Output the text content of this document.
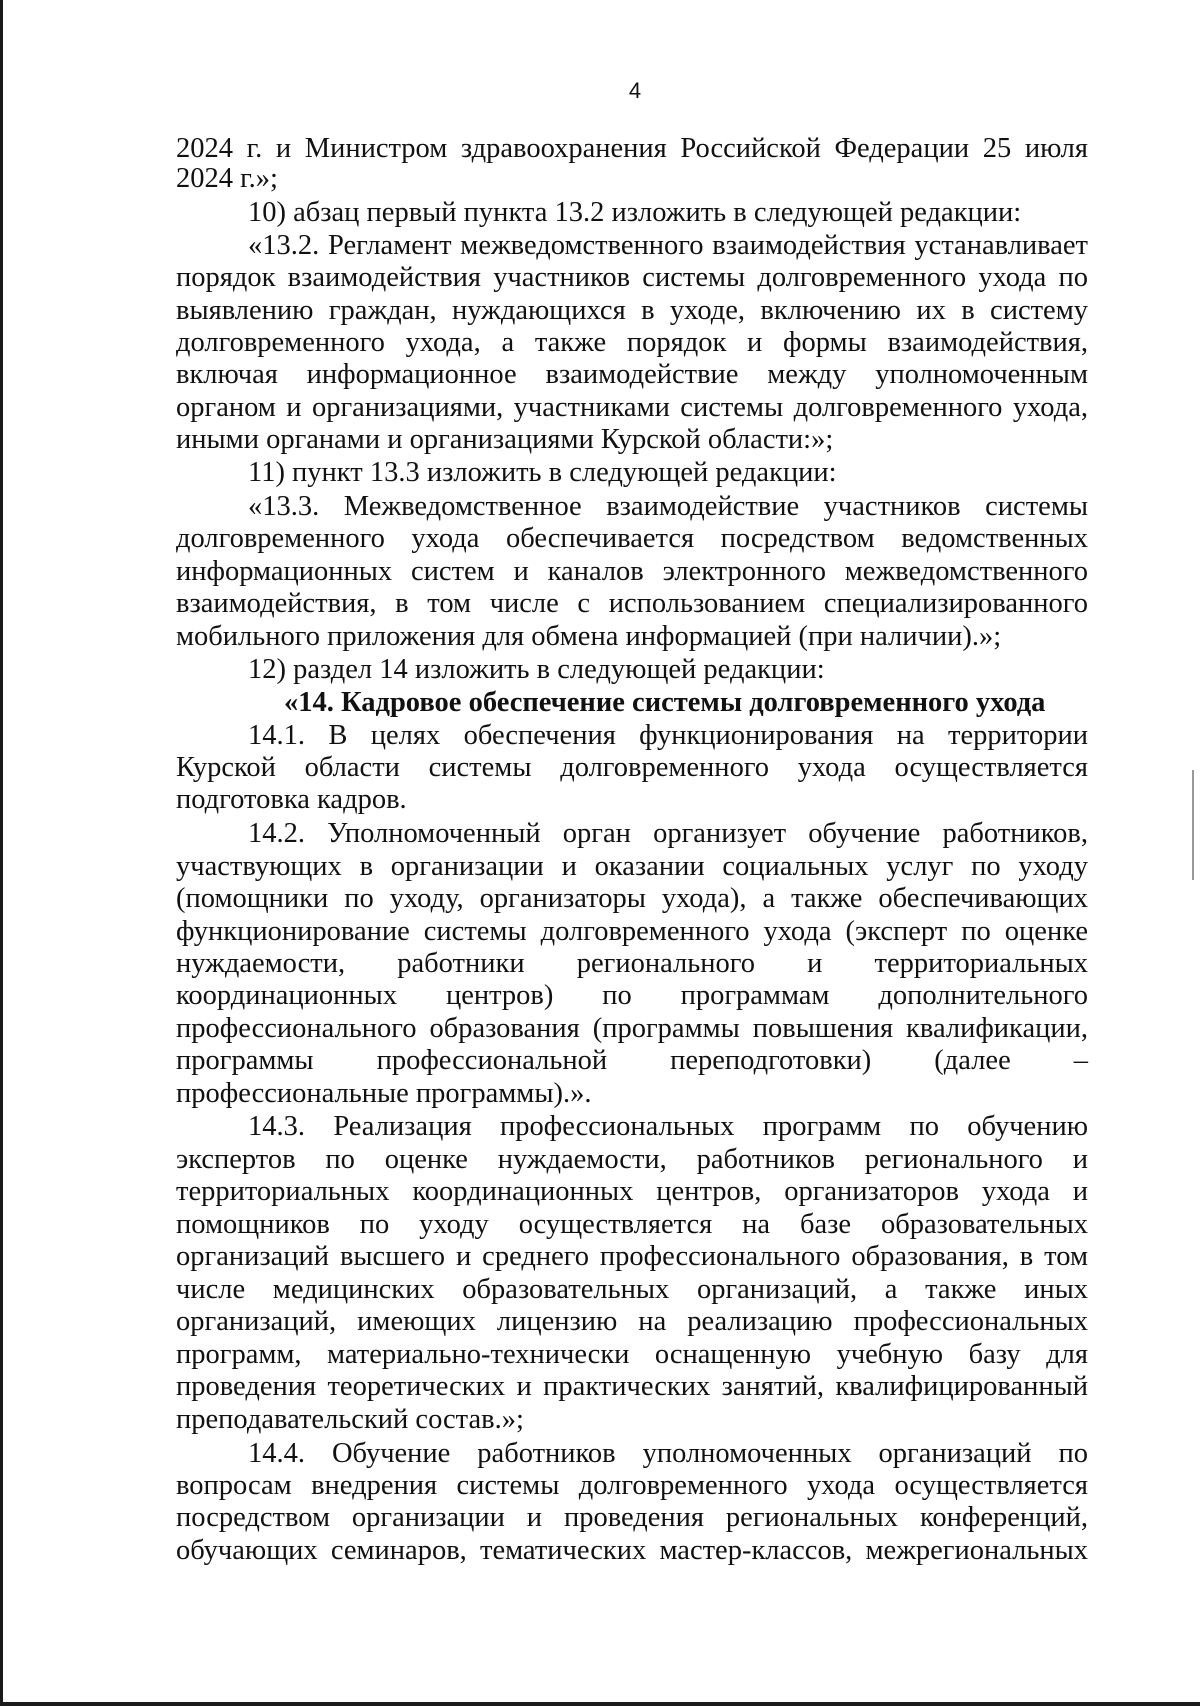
4
2024 г. и Министром здравоохранения Российской Федерации 25 июля
2024 г.»;
10) абзац первый пункта 13.2 изложить в следующей редакции:
«13.2. Регламент межведомственного взаимодействия устанавливает
порядок взаимодействия участников системы долговременного ухода по
выявлению граждан, нуждающихся в уходе, включению их в систему
долговременного ухода, а также порядок и формы взаимодействия,
включая информационное взаимодействие между уполномоченным
органом и организациями, участниками системы долговременного ухода,
иными органами и организациями Курской области:»;
11) пункт 13.3 изложить в следующей редакции:
«13.3. Межведомственное взаимодействие участников системы
долговременного ухода обеспечивается посредством ведомственных
информационных систем и каналов электронного межведомственного
взаимодействия, в том числе с использованием специализированного
мобильного приложения для обмена информацией (при наличии).»;
12) раздел 14 изложить в следующей редакции:
«14. Кадровое обеспечение системы долговременного ухода
14.1. В целях обеспечения функционирования на территории
Курской области системы долговременного ухода осуществляется
подготовка кадров.
14.2. Уполномоченный орган организует обучение работников,
участвующих в организации и оказании социальных услуг по уходу
(помощники по уходу, организаторы ухода), а также обеспечивающих
функционирование системы долговременного ухода (эксперт по оценке
нуждаемости, работники регионального и территориальных
координационных центров) по программам дополнительного
профессионального образования (программы повышения квалификации,
программы профессиональной переподготовки) (далее –
профессиональные программы).».
14.3. Реализация профессиональных программ по обучению
экспертов по оценке нуждаемости, работников регионального и
территориальных координационных центров, организаторов ухода и
помощников по уходу осуществляется на базе образовательных
организаций высшего и среднего профессионального образования, в том
числе медицинских образовательных организаций, а также иных
организаций, имеющих лицензию на реализацию профессиональных
программ, материально-технически оснащенную учебную базу для
проведения теоретических и практических занятий, квалифицированный
преподавательский состав.»;
14.4. Обучение работников уполномоченных организаций по
вопросам внедрения системы долговременного ухода осуществляется
посредством организации и проведения региональных конференций,
обучающих семинаров, тематических мастер-классов, межрегиональных
